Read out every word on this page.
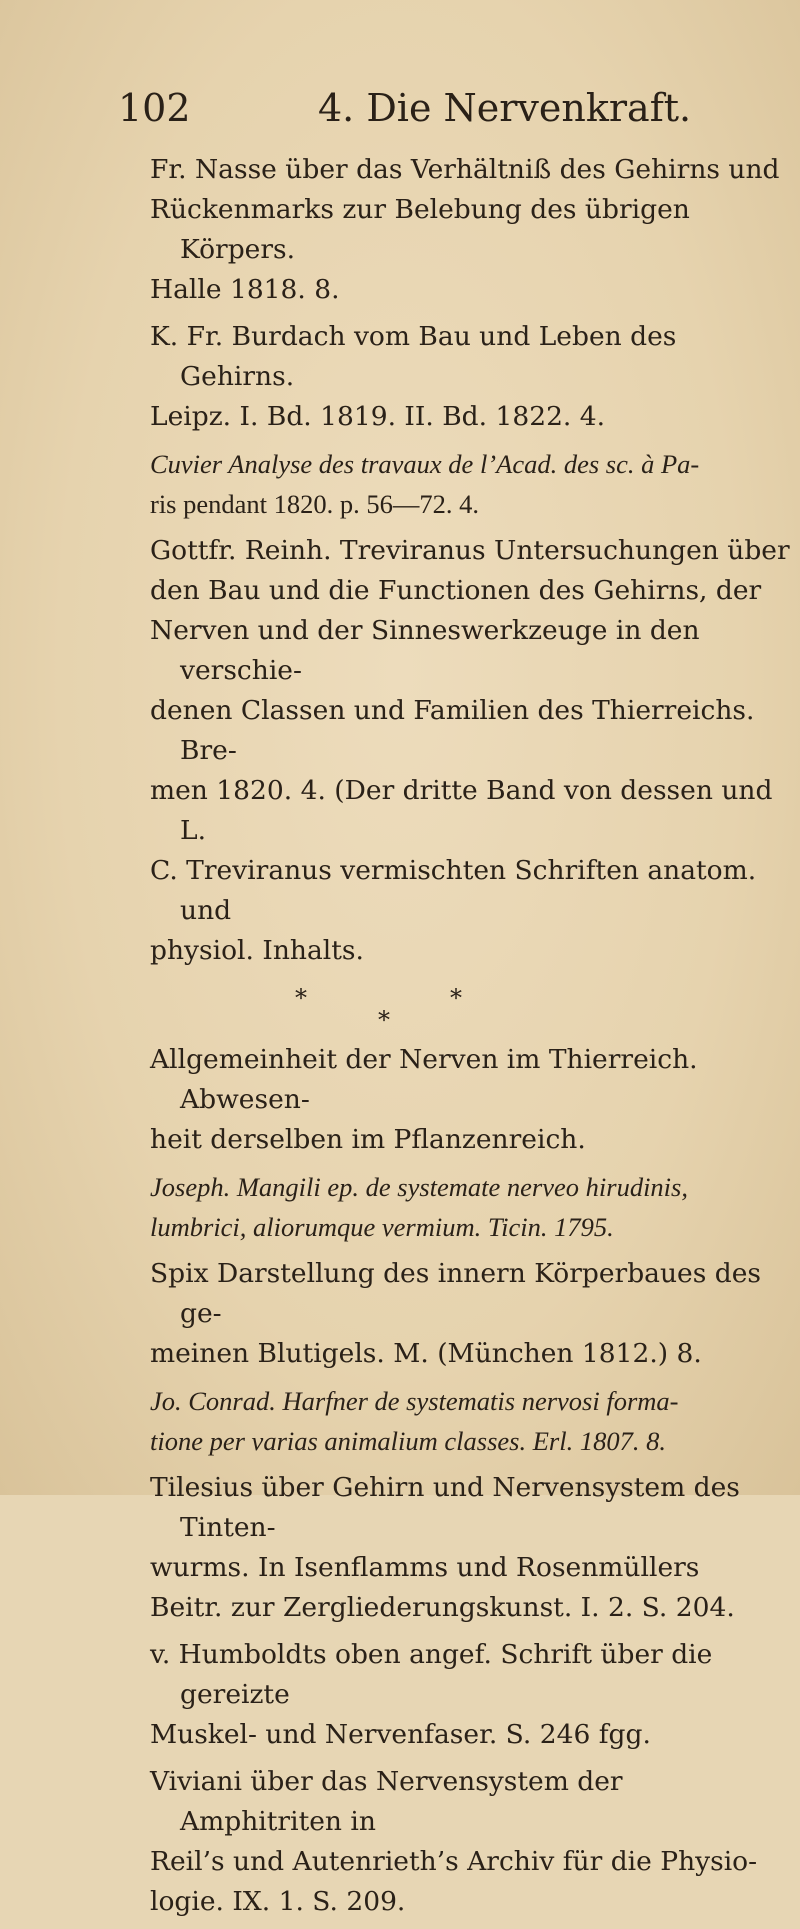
102	4. Die Nervenkraft.
Fr. Nasse über das Verhältniß des Gehirns und
Rückenmarks zur Belebung des übrigen Körpers.
Halle 1818. 8.
K. Fr. Burdach vom Bau und Leben des Gehirns.
Leipz. I. Bd. 1819. II. Bd. 1822. 4.
Cuvier Analyse des travaux de l’Acad. des sc. à Pa-
ris pendant 1820. p. 56—72. 4.
Gottfr. Reinh. Treviranus Untersuchungen über
den Bau und die Functionen des Gehirns, der
Nerven und der Sinneswerkzeuge in den verschie-
denen Classen und Familien des Thierreichs. Bre-
men 1820. 4. (Der dritte Band von dessen und L.
C. Treviranus vermischten Schriften anatom. und
physiol. Inhalts.
*	*
*
Allgemeinheit der Nerven im Thierreich. Abwesen-
heit derselben im Pflanzenreich.
Joseph. Mangili ep. de systemate nerveo hirudinis,
lumbrici, aliorumque vermium. Ticin. 1795.
Spix Darstellung des innern Körperbaues des ge-
meinen Blutigels. M. (München 1812.) 8.
Jo. Conrad. Harfner de systematis nervosi forma-
tione per varias animalium classes. Erl. 1807. 8.
Tilesius über Gehirn und Nervensystem des Tinten-
wurms. In Isenflamms und Rosenmüllers
Beitr. zur Zergliederungskunst. I. 2. S. 204.
v. Humboldts oben angef. Schrift über die gereizte
Muskel- und Nervenfaser. S. 246 fgg.
Viviani über das Nervensystem der Amphitriten in
Reil’s und Autenrieth’s Archiv für die Physio-
logie. IX. 1. S. 209.
